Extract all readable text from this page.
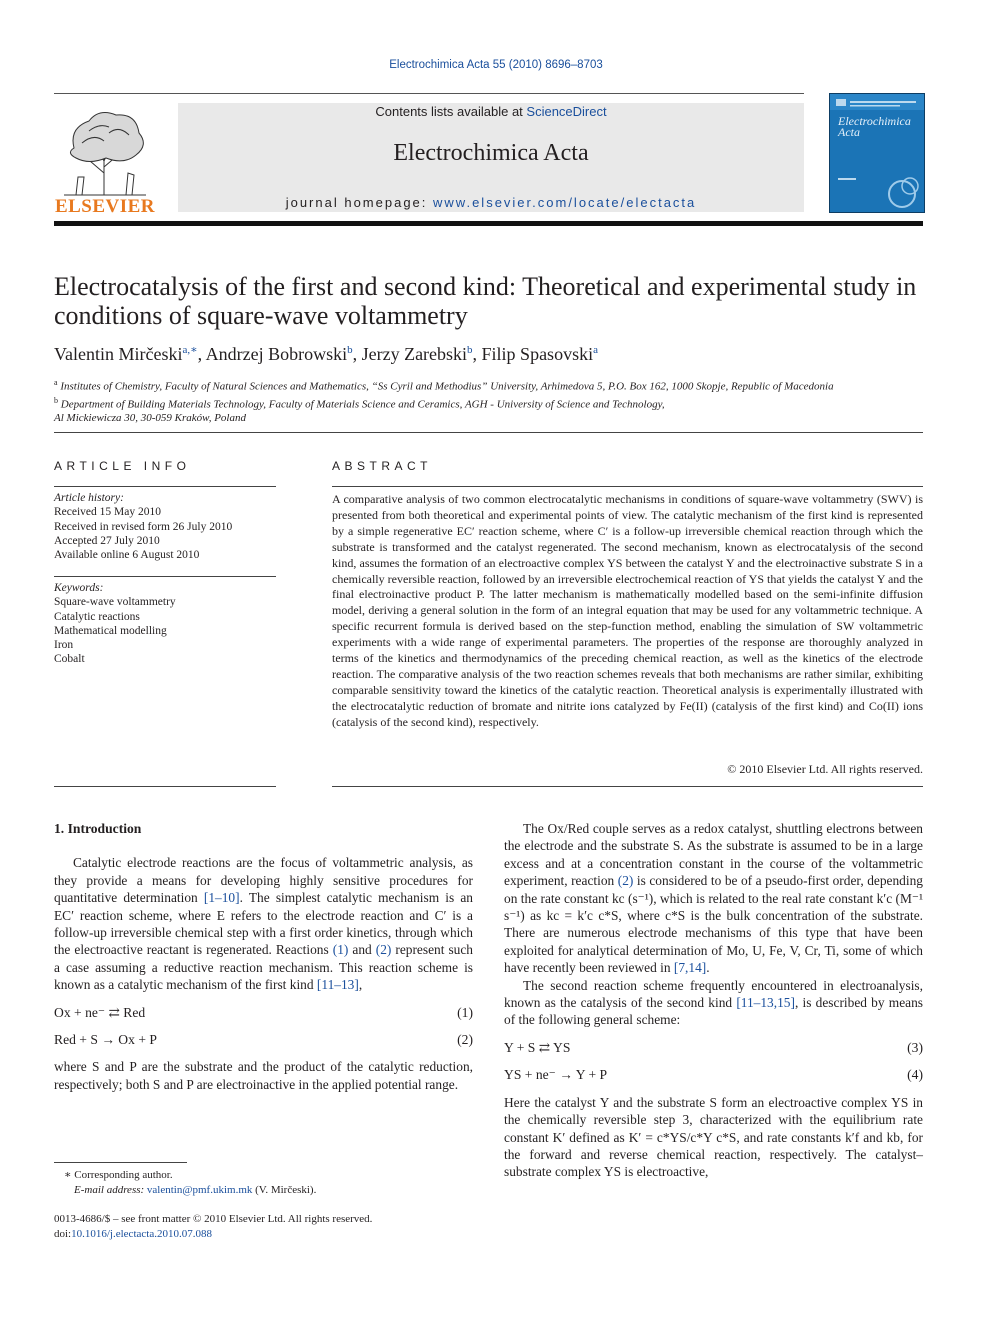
Electrochimica Acta 55 (2010) 8696–8703
ELSEVIER
Contents lists available at ScienceDirect
Electrochimica Acta
journal homepage: www.elsevier.com/locate/electacta
Electrochimica Acta
Electrocatalysis of the first and second kind: Theoretical and experimental study in conditions of square-wave voltammetry
Valentin Mirčeski$^{a,∗}$, Andrzej Bobrowski$^b$, Jerzy Zarebski$^b$, Filip Spasovski$^a$
$^a$ Institutes of Chemistry, Faculty of Natural Sciences and Mathematics, “Ss Cyril and Methodius” University, Arhimedova 5, P.O. Box 162, 1000 Skopje, Republic of Macedonia
$^b$ Department of Building Materials Technology, Faculty of Materials Science and Ceramics, AGH - University of Science and Technology,
Al Mickiewicza 30, 30-059 Kraków, Poland
ARTICLE INFO
Article history:
Received 15 May 2010
Received in revised form 26 July 2010
Accepted 27 July 2010
Available online 6 August 2010
Keywords:
Square-wave voltammetry
Catalytic reactions
Mathematical modelling
Iron
Cobalt
ABSTRACT
A comparative analysis of two common electrocatalytic mechanisms in conditions of square-wave voltammetry (SWV) is presented from both theoretical and experimental points of view. The catalytic mechanism of the first kind is represented by a simple regenerative EC′ reaction scheme, where C′ is a follow-up irreversible chemical reaction through which the substrate is transformed and the catalyst regenerated. The second mechanism, known as electrocatalysis of the second kind, assumes the formation of an electroactive complex YS between the catalyst Y and the electroinactive substrate S in a chemically reversible reaction, followed by an irreversible electrochemical reaction of YS that yields the catalyst Y and the final electroinactive product P. The latter mechanism is mathematically modelled based on the semi-infinite diffusion model, deriving a general solution in the form of an integral equation that may be used for any voltammetric technique. A specific recurrent formula is derived based on the step-function method, enabling the simulation of SW voltammetric experiments with a wide range of experimental parameters. The properties of the response are thoroughly analyzed in terms of the kinetics and thermodynamics of the preceding chemical reaction, as well as the kinetics of the electrode reaction. The comparative analysis of the two reaction schemes reveals that both mechanisms are rather similar, exhibiting comparable sensitivity toward the kinetics of the catalytic reaction. Theoretical analysis is experimentally illustrated with the electrocatalytic reduction of bromate and nitrite ions catalyzed by Fe(II) (catalysis of the first kind) and Co(II) ions (catalysis of the second kind), respectively.
© 2010 Elsevier Ltd. All rights reserved.
1. Introduction

Catalytic electrode reactions are the focus of voltammetric analysis, as they provide a means for developing highly sensitive procedures for quantitative determination [1–10]. The simplest catalytic mechanism is an EC′ reaction scheme, where E refers to the electrode reaction and C′ is a follow-up irreversible chemical step with a first order kinetics, through which the electroactive reactant is regenerated. Reactions (1) and (2) represent such a case assuming a reductive reaction mechanism. This reaction scheme is known as a catalytic mechanism of the first kind [11–13],

Ox + ne⁻ ⇄ Red	(1)
Red + S → Ox + P	(2)

where S and P are the substrate and the product of the catalytic reduction, respectively; both S and P are electroinactive in the applied potential range.

The Ox/Red couple serves as a redox catalyst, shuttling electrons between the electrode and the substrate S. As the substrate is assumed to be in a large excess and at a concentration constant in the course of the voltammetric experiment, reaction (2) is considered to be of a pseudo-first order, depending on the rate constant kc (s⁻¹), which is related to the real rate constant k′c (M⁻¹ s⁻¹) as kc = k′c c*S, where c*S is the bulk concentration of the substrate. There are numerous electrode mechanisms of this type that have been exploited for analytical determination of Mo, U, Fe, V, Cr, Ti, some of which have recently been reviewed in [7,14].

The second reaction scheme frequently encountered in electroanalysis, known as the catalysis of the second kind [11–13,15], is described by means of the following general scheme:

Y + S ⇄ YS	(3)
YS + ne⁻ → Y + P	(4)

Here the catalyst Y and the substrate S form an electroactive complex YS in the chemically reversible step 3, characterized with the equilibrium rate constant K′ defined as K′ = c*YS/c*Y c*S, and rate constants k′f and kb, for the forward and reverse chemical reaction, respectively. The catalyst–substrate complex YS is electroactive,

∗ Corresponding author.
E-mail address: valentin@pmf.ukim.mk (V. Mirčeski).
0013-4686/$ – see front matter © 2010 Elsevier Ltd. All rights reserved.
doi:10.1016/j.electacta.2010.07.088
